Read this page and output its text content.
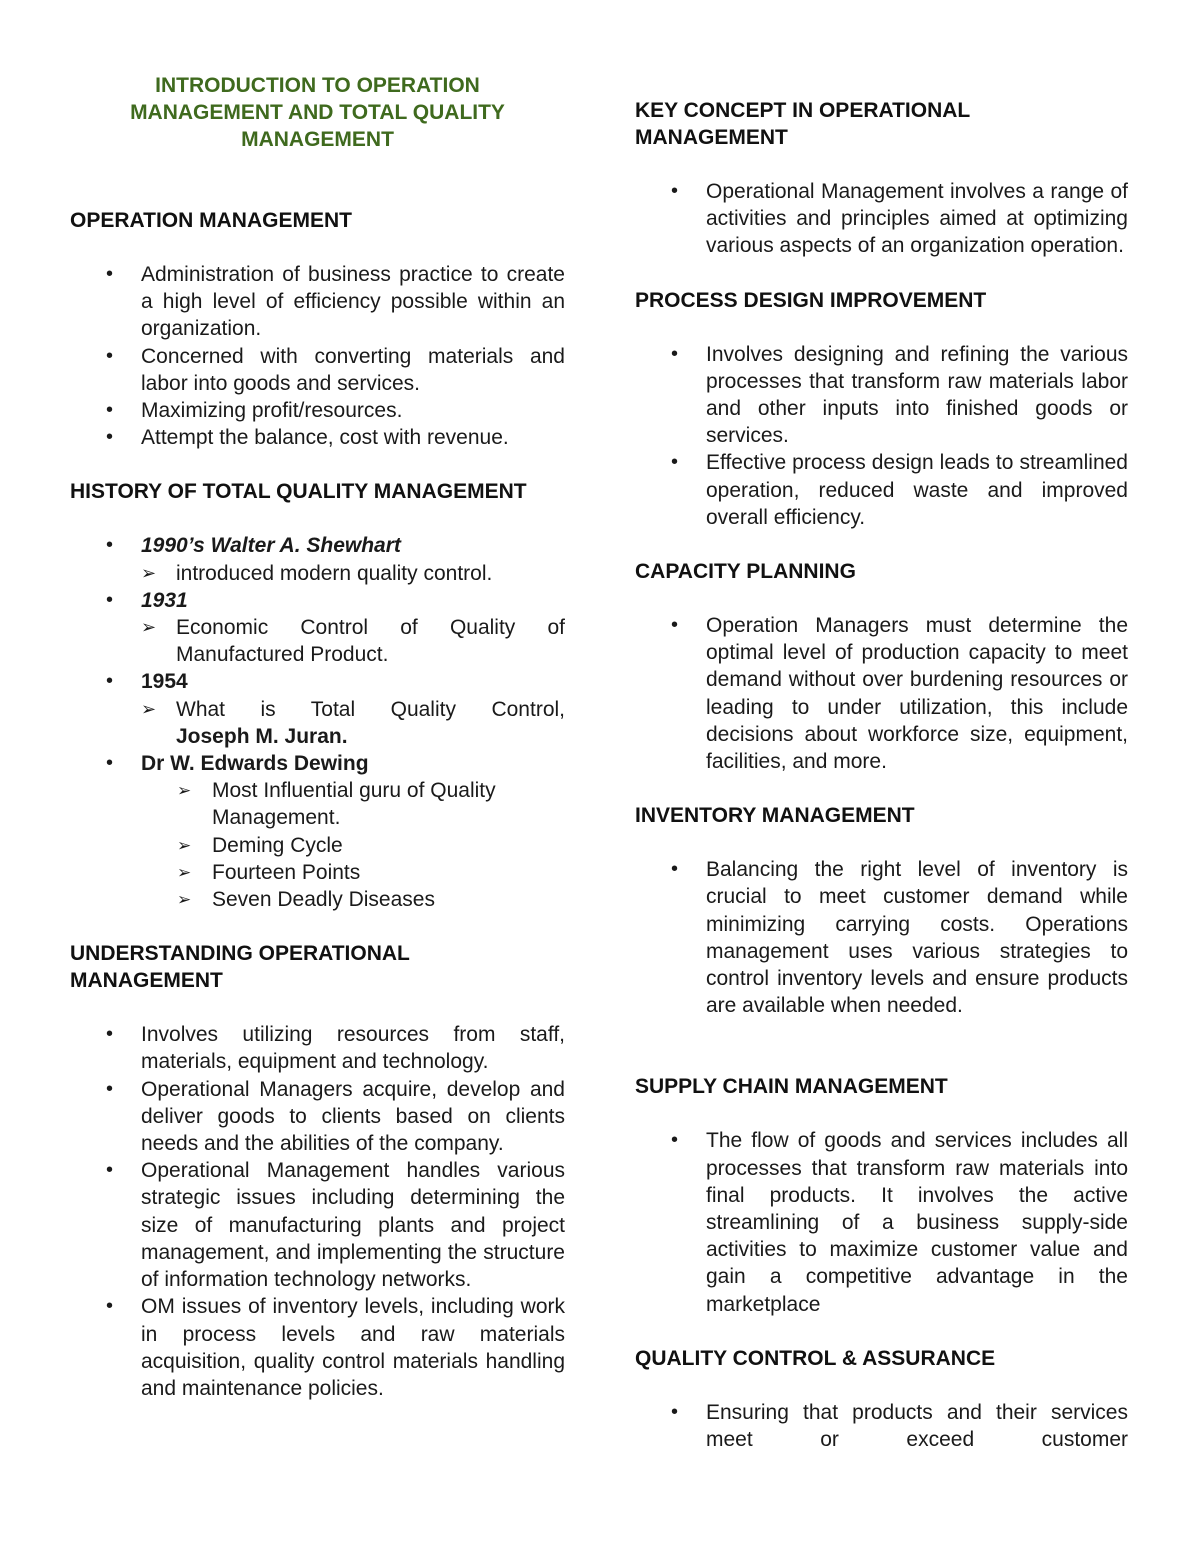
INTRODUCTION TO OPERATION
MANAGEMENT AND TOTAL QUALITY
MANAGEMENT
OPERATION MANAGEMENT
• Administration of business practice to create a high level of efficiency possible within an organization.
• Concerned with converting materials and labor into goods and services.
• Maximizing profit/resources.
• Attempt the balance, cost with revenue.
HISTORY OF TOTAL QUALITY MANAGEMENT
• 1990’s Walter A. Shewhart
➢ introduced modern quality control.
• 1931
➢ Economic Control of Quality of Manufactured Product.
• 1954
➢ What is Total Quality Control,
Joseph M. Juran.
• Dr W. Edwards Dewing
➢ Most Influential guru of Quality Management.
➢ Deming Cycle
➢ Fourteen Points
➢ Seven Deadly Diseases
UNDERSTANDING OPERATIONAL MANAGEMENT
• Involves utilizing resources from staff, materials, equipment and technology.
• Operational Managers acquire, develop and deliver goods to clients based on clients needs and the abilities of the company.
• Operational Management handles various strategic issues including determining the size of manufacturing plants and project management, and implementing the structure of information technology networks.
• OM issues of inventory levels, including work in process levels and raw materials acquisition, quality control materials handling and maintenance policies.
KEY CONCEPT IN OPERATIONAL MANAGEMENT
• Operational Management involves a range of activities and principles aimed at optimizing various aspects of an organization operation.
PROCESS DESIGN IMPROVEMENT
• Involves designing and refining the various processes that transform raw materials labor and other inputs into finished goods or services.
• Effective process design leads to streamlined operation, reduced waste and improved overall efficiency.
CAPACITY PLANNING
• Operation Managers must determine the optimal level of production capacity to meet demand without over burdening resources or leading to under utilization, this include decisions about workforce size, equipment, facilities, and more.
INVENTORY MANAGEMENT
• Balancing the right level of inventory is crucial to meet customer demand while minimizing carrying costs. Operations management uses various strategies to control inventory levels and ensure products are available when needed.
SUPPLY CHAIN MANAGEMENT
• The flow of goods and services includes all processes that transform raw materials into final products. It involves the active streamlining of a business supply-side activities to maximize customer value and gain a competitive advantage in the marketplace
QUALITY CONTROL & ASSURANCE
• Ensuring that products and their services meet or exceed customer
